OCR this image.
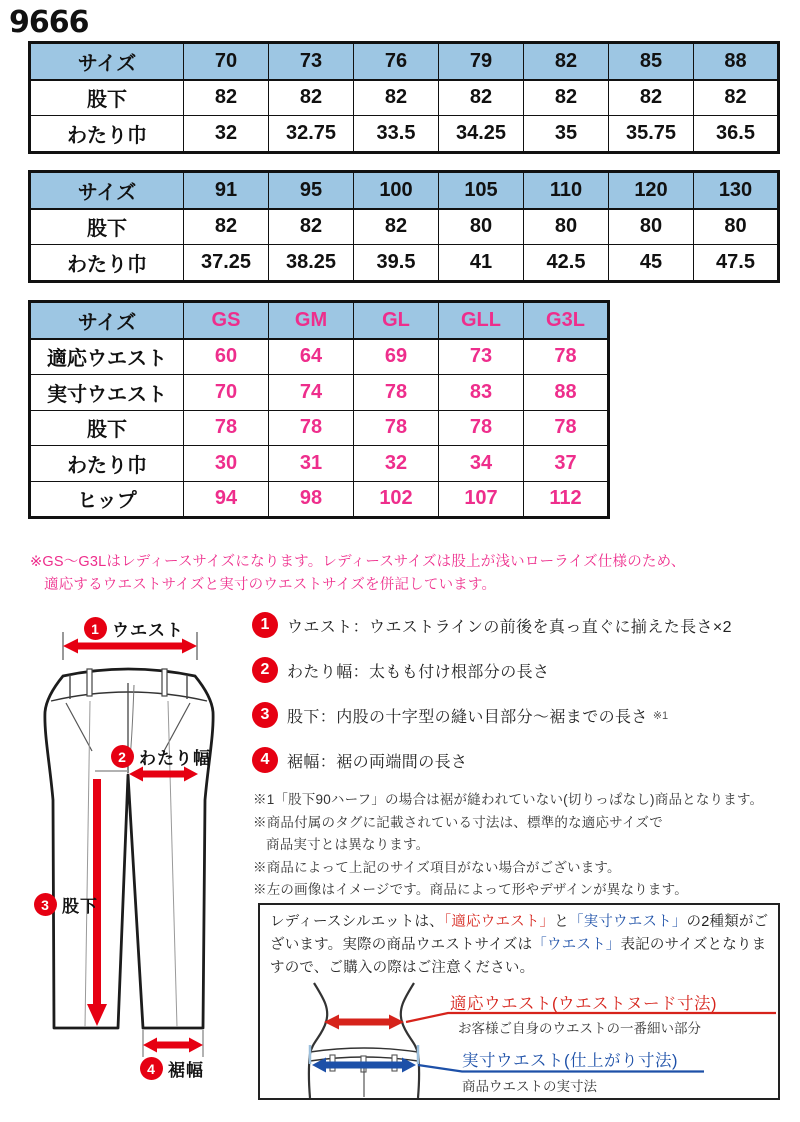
9666
サイズ	70	73	76	79	82	85	88
股下	82	82	82	82	82	82	82
わたり巾	32	32.75	33.5	34.25	35	35.75	36.5
サイズ	91	95	100	105	110	120	130
股下	82	82	82	80	80	80	80
わたり巾	37.25	38.25	39.5	41	42.5	45	47.5
サイズ	GS	GM	GL	GLL	G3L
適応ウエスト	60	64	69	73	78
実寸ウエスト	70	74	78	83	88
股下	78	78	78	78	78
わたり巾	30	31	32	34	37
ヒップ	94	98	102	107	112
※GS〜G3Lはレディースサイズになります。レディースサイズは股上が浅いローライズ仕様のため、
適応するウエストサイズと実寸のウエストサイズを併記しています。
1 ウエスト
2 わたり幅
3 股下
4 裾幅
1	ウエスト：ウエストラインの前後を真っ直ぐに揃えた長さ×2
2	わたり幅：太もも付け根部分の長さ
3	股下：内股の十字型の縫い目部分〜裾までの長さ ※1
4	裾幅：裾の両端間の長さ
※1「股下90ハーフ」の場合は裾が縫われていない(切りっぱなし)商品となります。
※商品付属のタグに記載されている寸法は、標準的な適応サイズで
商品実寸とは異なります。
※商品によって上記のサイズ項目がない場合がございます。
※左の画像はイメージです。商品によって形やデザインが異なります。
レディースシルエットは、「適応ウエスト」と「実寸ウエスト」の2種類がございます。実際の商品ウエストサイズは「ウエスト」表記のサイズとなりますので、ご購入の際はご注意ください。
適応ウエスト(ウエストヌード寸法)
お客様ご自身のウエストの一番細い部分
実寸ウエスト(仕上がり寸法)
商品ウエストの実寸法
